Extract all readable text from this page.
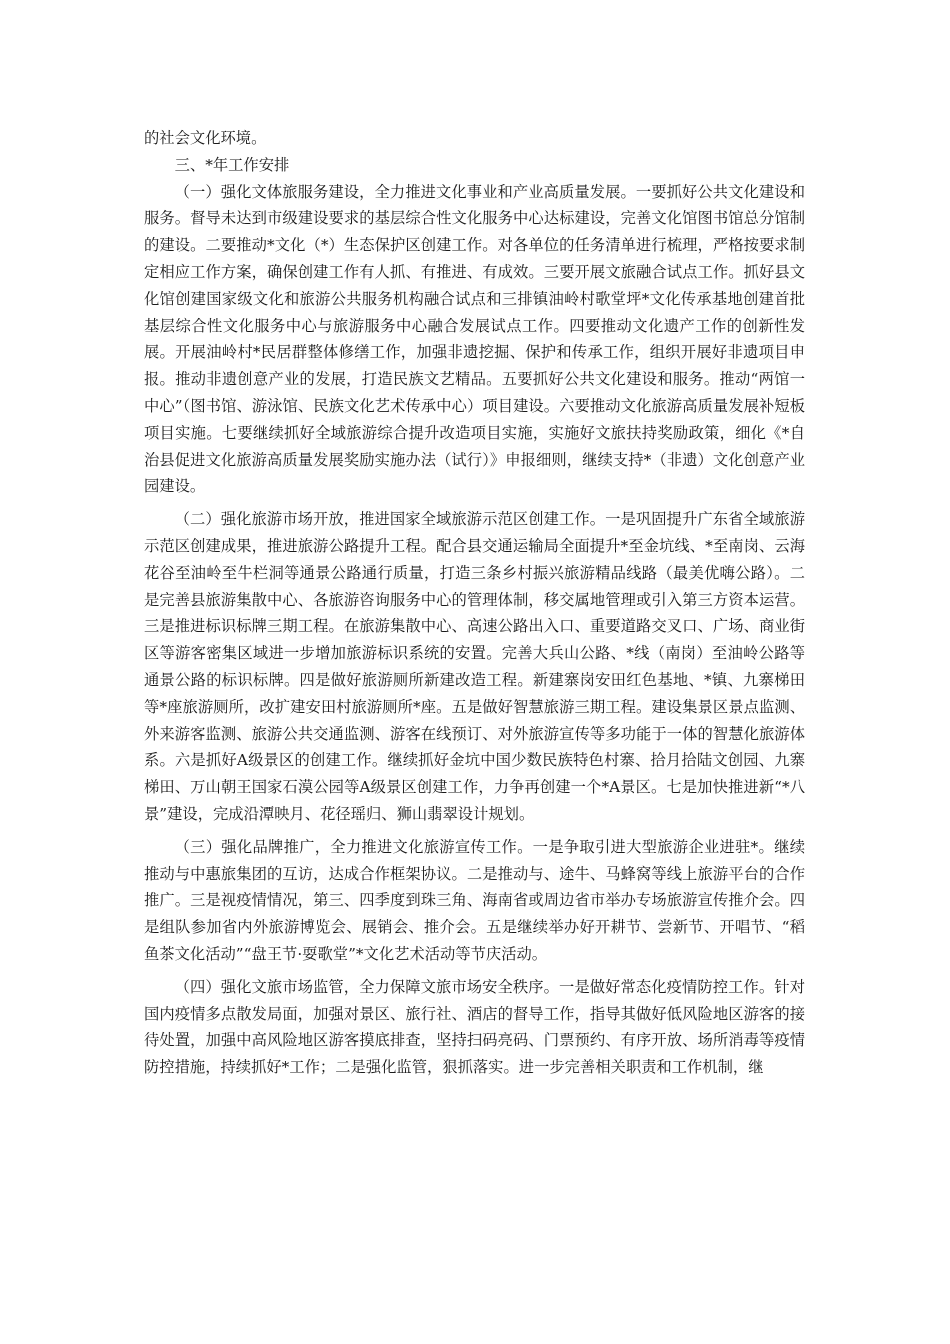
的社会文化环境。

三、*年工作安排

（一）强化文体旅服务建设，全力推进文化事业和产业高质量发展。一要抓好公共文化建设和服务。督导未达到市级建设要求的基层综合性文化服务中心达标建设，完善文化馆图书馆总分馆制的建设。二要推动*文化（*）生态保护区创建工作。对各单位的任务清单进行梳理，严格按要求制定相应工作方案，确保创建工作有人抓、有推进、有成效。三要开展文旅融合试点工作。抓好县文化馆创建国家级文化和旅游公共服务机构融合试点和三排镇油岭村歌堂坪*文化传承基地创建首批基层综合性文化服务中心与旅游服务中心融合发展试点工作。四要推动文化遗产工作的创新性发展。开展油岭村*民居群整体修缮工作，加强非遗挖掘、保护和传承工作，组织开展好非遗项目申报。推动非遗创意产业的发展，打造民族文艺精品。五要抓好公共文化建设和服务。推动“两馆一中心”（图书馆、游泳馆、民族文化艺术传承中心）项目建设。六要推动文化旅游高质量发展补短板项目实施。七要继续抓好全域旅游综合提升改造项目实施，实施好文旅扶持奖励政策，细化《*自治县促进文化旅游高质量发展奖励实施办法（试行）》申报细则，继续支持*（非遗）文化创意产业园建设。

（二）强化旅游市场开放，推进国家全域旅游示范区创建工作。一是巩固提升广东省全域旅游示范区创建成果，推进旅游公路提升工程。配合县交通运输局全面提升*至金坑线、*至南岗、云海花谷至油岭至牛栏洞等通景公路通行质量，打造三条乡村振兴旅游精品线路（最美优嗨公路）。二是完善县旅游集散中心、各旅游咨询服务中心的管理体制，移交属地管理或引入第三方资本运营。三是推进标识标牌三期工程。在旅游集散中心、高速公路出入口、重要道路交叉口、广场、商业街区等游客密集区域进一步增加旅游标识系统的安置。完善大兵山公路、*线（南岗）至油岭公路等通景公路的标识标牌。四是做好旅游厕所新建改造工程。新建寨岗安田红色基地、*镇、九寨梯田等*座旅游厕所，改扩建安田村旅游厕所*座。五是做好智慧旅游三期工程。建设集景区景点监测、外来游客监测、旅游公共交通监测、游客在线预订、对外旅游宣传等多功能于一体的智慧化旅游体系。六是抓好A级景区的创建工作。继续抓好金坑中国少数民族特色村寨、拾月拾陆文创园、九寨梯田、万山朝王国家石漠公园等A级景区创建工作，力争再创建一个*A景区。七是加快推进新“*八景”建设，完成沿潭映月、花径瑶归、狮山翡翠设计规划。

（三）强化品牌推广，全力推进文化旅游宣传工作。一是争取引进大型旅游企业进驻*。继续推动与中惠旅集团的互访，达成合作框架协议。二是推动与、途牛、马蜂窝等线上旅游平台的合作推广。三是视疫情情况，第三、四季度到珠三角、海南省或周边省市举办专场旅游宣传推介会。四是组队参加省内外旅游博览会、展销会、推介会。五是继续举办好开耕节、尝新节、开唱节、“稻鱼茶文化活动”“盘王节·耍歌堂”*文化艺术活动等节庆活动。

（四）强化文旅市场监管，全力保障文旅市场安全秩序。一是做好常态化疫情防控工作。针对国内疫情多点散发局面，加强对景区、旅行社、酒店的督导工作，指导其做好低风险地区游客的接待处置，加强中高风险地区游客摸底排查，坚持扫码亮码、门票预约、有序开放、场所消毒等疫情防控措施，持续抓好*工作；二是强化监管，狠抓落实。进一步完善相关职责和工作机制，继
